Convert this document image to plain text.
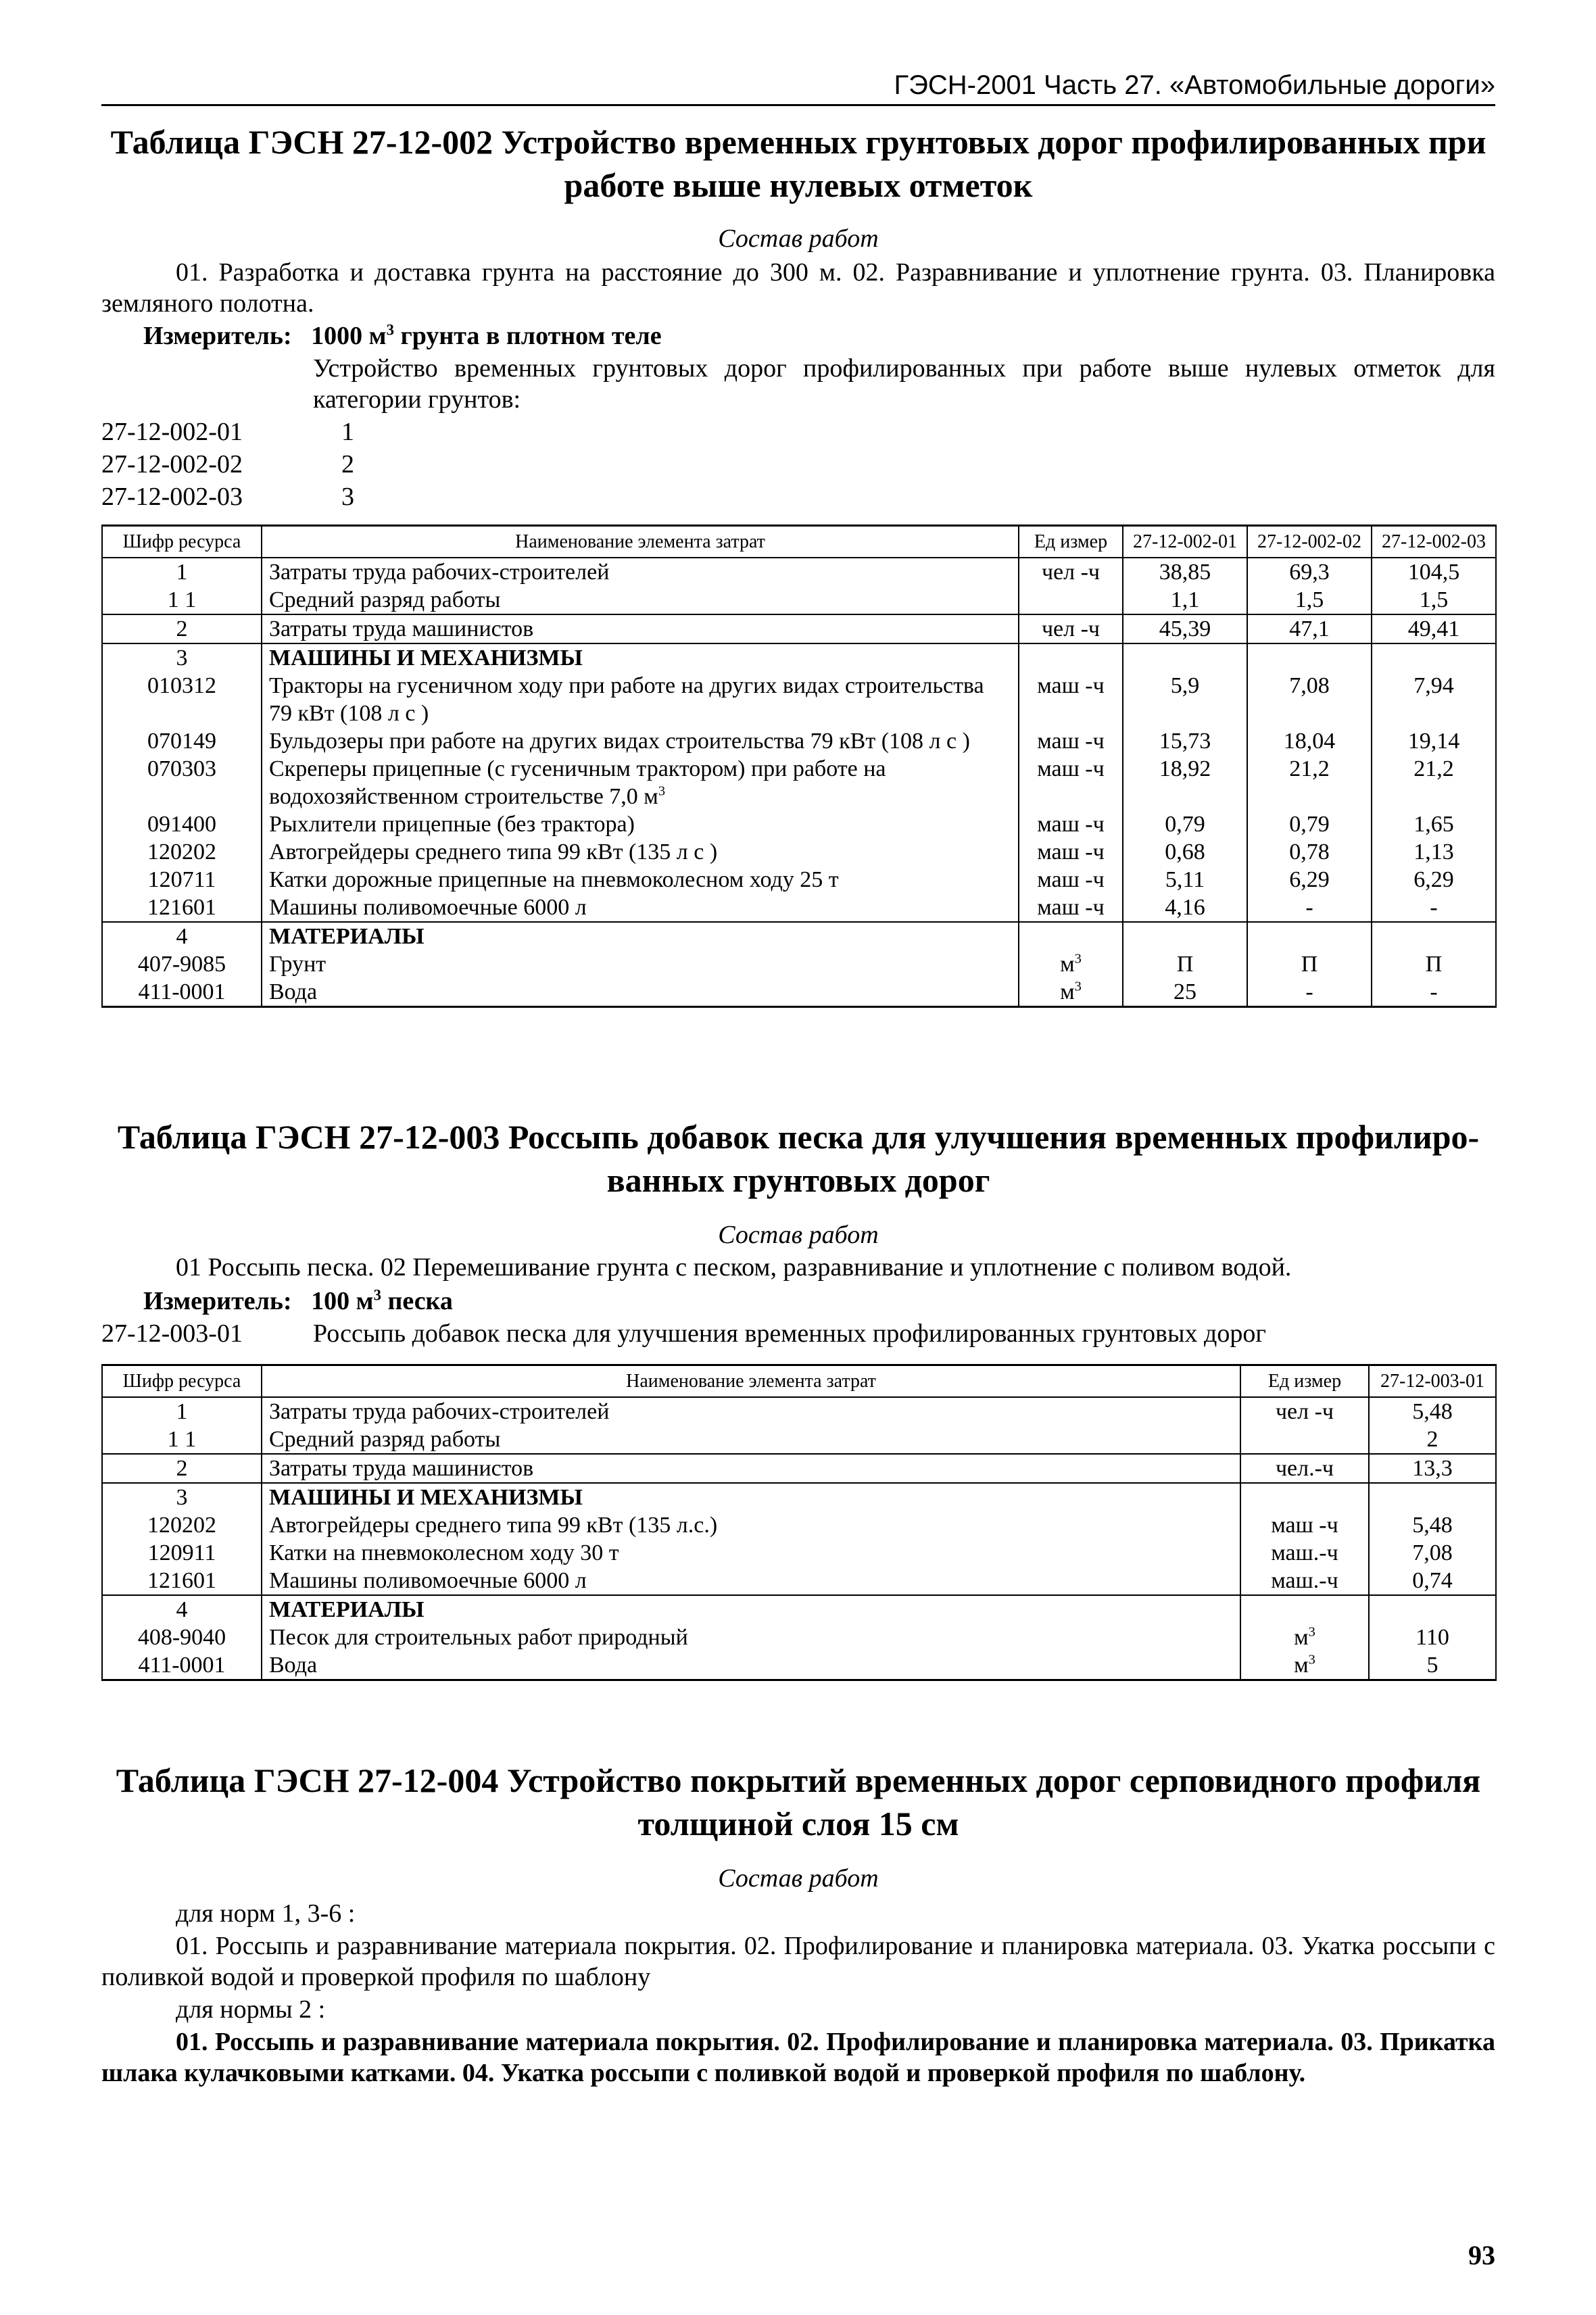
ГЭСН-2001 Часть 27. «Автомобильные дороги»
Таблица ГЭСН 27-12-002 Устройство временных грунтовых дорог профилированных при
работе выше нулевых отметок
Состав работ
01. Разработка и доставка грунта на расстояние до 300 м. 02. Разравнивание и уплотнение грунта. 03. Планировка земляного полотна.
Измеритель: 1000 $м^3$ грунта в плотном теле
Устройство временных грунтовых дорог профилированных при работе выше нулевых отметок для категории грунтов:
27-12-002-01	1
27-12-002-02	2
27-12-002-03	3
Шифр ресурса	Наименование элемента затрат	Ед измер	27-12-002-01	27-12-002-02	27-12-002-03
1	Затраты труда рабочих-строителей	чел -ч	38,85	69,3	104,5
1 1	Средний разряд работы		1,1	1,5	1,5
2	Затраты труда машинистов	чел -ч	45,39	47,1	49,41
3	МАШИНЫ И МЕХАНИЗМЫ				
010312	Тракторы на гусеничном ходу при работе на других видах строительства 79 кВт (108 л с )	маш -ч	5,9	7,08	7,94
070149	Бульдозеры при работе на других видах строительства 79 кВт (108 л с )	маш -ч	15,73	18,04	19,14
070303	Скреперы прицепные (с гусеничным трактором) при работе на водохозяйственном строительстве 7,0 $м^3$	маш -ч	18,92	21,2	21,2
091400	Рыхлители прицепные (без трактора)	маш -ч	0,79	0,79	1,65
120202	Автогрейдеры среднего типа 99 кВт (135 л с )	маш -ч	0,68	0,78	1,13
120711	Катки дорожные прицепные на пневмоколесном ходу 25 т	маш -ч	5,11	6,29	6,29
121601	Машины поливомоечные 6000 л	маш -ч	4,16	-	-
4	МАТЕРИАЛЫ				
407-9085	Грунт	$м^3$	П	П	П
411-0001	Вода	$м^3$	25	-	-
Таблица ГЭСН 27-12-003 Россыпь добавок песка для улучшения временных профилиро-
ванных грунтовых дорог
Состав работ
01 Россыпь песка. 02 Перемешивание грунта с песком, разравнивание и уплотнение с поливом водой.
Измеритель: 100 $м^3$ песка
27-12-003-01	Россыпь добавок песка для улучшения временных профилированных грунтовых дорог
Шифр ресурса	Наименование элемента затрат	Ед измер	27-12-003-01
1	Затраты труда рабочих-строителей	чел -ч	5,48
1 1	Средний разряд работы		2
2	Затраты труда машинистов	чел.-ч	13,3
3	МАШИНЫ И МЕХАНИЗМЫ		
120202	Автогрейдеры среднего типа 99 кВт (135 л.с.)	маш -ч	5,48
120911	Катки на пневмоколесном ходу 30 т	маш.-ч	7,08
121601	Машины поливомоечные 6000 л	маш.-ч	0,74
4	МАТЕРИАЛЫ		
408-9040	Песок для строительных работ природный	$м^3$	110
411-0001	Вода	$м^3$	5
Таблица ГЭСН 27-12-004 Устройство покрытий временных дорог серповидного профиля
толщиной слоя 15 см
Состав работ
для норм 1, 3-6 :
01. Россыпь и разравнивание материала покрытия. 02. Профилирование и планировка материала. 03. Укатка россыпи с поливкой водой и проверкой профиля по шаблону
для нормы 2 :
01. Россыпь и разравнивание материала покрытия. 02. Профилирование и планировка материала. 03. Прикатка шлака кулачковыми катками. 04. Укатка россыпи с поливкой водой и проверкой профиля по шаблону.
93
